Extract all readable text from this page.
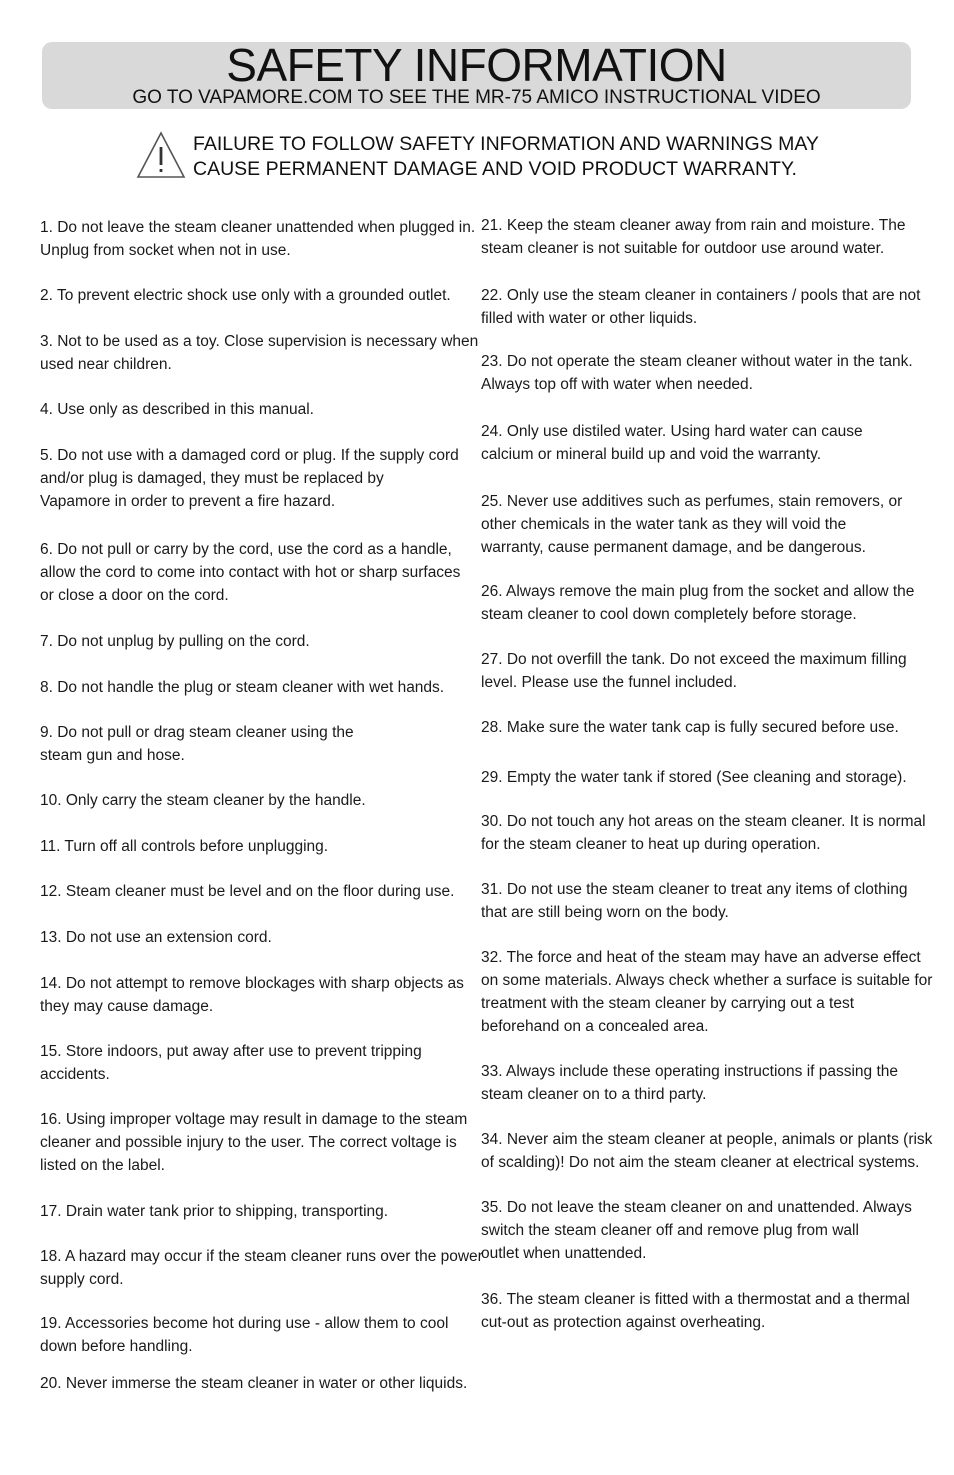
SAFETY INFORMATION
GO TO VAPAMORE.COM TO SEE THE MR-75 AMICO INSTRUCTIONAL VIDEO
FAILURE TO FOLLOW SAFETY INFORMATION AND WARNINGS MAY
CAUSE PERMANENT DAMAGE AND VOID PRODUCT WARRANTY.
1. Do not leave the steam cleaner unattended when plugged in.
Unplug from socket when not in use.
2. To prevent electric shock use only with a grounded outlet.
3. Not to be used as a toy. Close supervision is necessary when
used near children.
4. Use only as described in this manual.
5. Do not use with a damaged cord or plug. If the supply cord
and/or plug is damaged, they must be replaced by
Vapamore in order to prevent a fire hazard.
6. Do not pull or carry by the cord, use the cord as a handle,
allow the cord to come into contact with hot or sharp surfaces
or close a door on the cord.
7. Do not unplug by pulling on the cord.
8. Do not handle the plug or steam cleaner with wet hands.
9. Do not pull or drag steam cleaner using the
steam gun and hose.
10. Only carry the steam cleaner by the handle.
11. Turn off all controls before unplugging.
12. Steam cleaner must be level and on the floor during use.
13. Do not use an extension cord.
14. Do not attempt to remove blockages with sharp objects as
they may cause damage.
15. Store indoors, put away after use to prevent tripping
accidents.
16. Using improper voltage may result in damage to the steam
cleaner and possible injury to the user. The correct voltage is
listed on the label.
17. Drain water tank prior to shipping, transporting.
18. A hazard may occur if the steam cleaner runs over the power
supply cord.
19. Accessories become hot during use - allow them to cool
down before handling.
20. Never immerse the steam cleaner in water or other liquids.
21. Keep the steam cleaner away from rain and moisture. The
steam cleaner is not suitable for outdoor use around water.
22. Only use the steam cleaner in containers / pools that are not
filled with water or other liquids.
23. Do not operate the steam cleaner without water in the tank.
Always top off with water when needed.
24. Only use distiled water. Using hard water can cause
calcium or mineral build up and void the warranty.
25. Never use additives such as perfumes, stain removers, or
other chemicals in the water tank as they will void the
warranty, cause permanent damage, and be dangerous.
26. Always remove the main plug from the socket and allow the
steam cleaner to cool down completely before storage.
27. Do not overfill the tank. Do not exceed the maximum filling
level. Please use the funnel included.
28. Make sure the water tank cap is fully secured before use.
29. Empty the water tank if stored (See cleaning and storage).
30. Do not touch any hot areas on the steam cleaner. It is normal
for the steam cleaner to heat up during operation.
31. Do not use the steam cleaner to treat any items of clothing
that are still being worn on the body.
32. The force and heat of the steam may have an adverse effect
on some materials. Always check whether a surface is suitable for
treatment with the steam cleaner by carrying out a test
beforehand on a concealed area.
33. Always include these operating instructions if passing the
steam cleaner on to a third party.
34. Never aim the steam cleaner at people, animals or plants (risk
of scalding)! Do not aim the steam cleaner at electrical systems.
35. Do not leave the steam cleaner on and unattended. Always
switch the steam cleaner off and remove plug from wall
outlet when unattended.
36. The steam cleaner is fitted with a thermostat and a thermal
cut-out as protection against overheating.
